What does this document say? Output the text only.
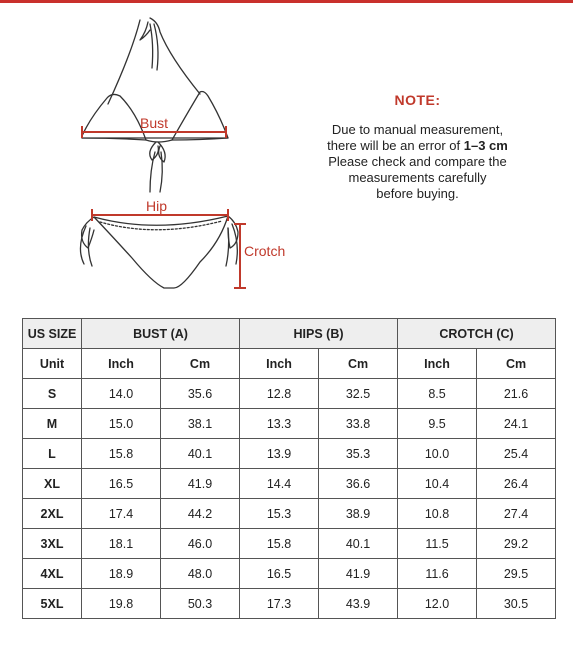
Bust
Hip
Crotch
NOTE:
Due to manual measurement,
there will be an error of 1–3 cm
Please check and compare the
measurements carefully
before buying.
US SIZE	BUST (A)		HIPS (B)		CROTCH (C)	
Unit	Inch	Cm	Inch	Cm	Inch	Cm
S	14.0	35.6	12.8	32.5	8.5	21.6
M	15.0	38.1	13.3	33.8	9.5	24.1
L	15.8	40.1	13.9	35.3	10.0	25.4
XL	16.5	41.9	14.4	36.6	10.4	26.4
2XL	17.4	44.2	15.3	38.9	10.8	27.4
3XL	18.1	46.0	15.8	40.1	11.5	29.2
4XL	18.9	48.0	16.5	41.9	11.6	29.5
5XL	19.8	50.3	17.3	43.9	12.0	30.5
